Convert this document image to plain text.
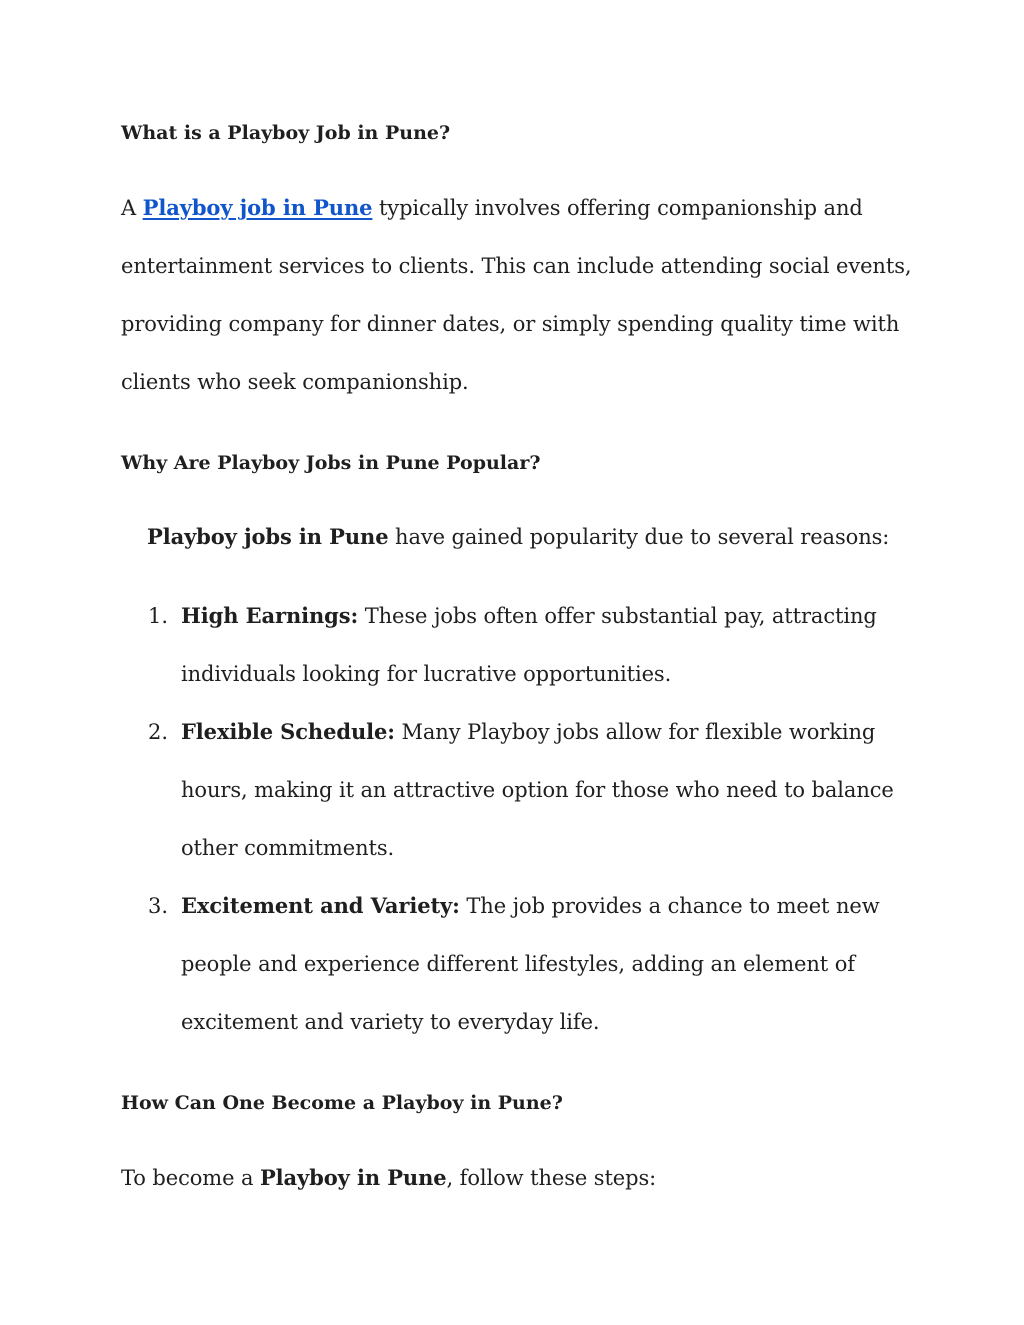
What is a Playboy Job in Pune?

A Playboy job in Pune typically involves offering companionship and

entertainment services to clients. This can include attending social events,

providing company for dinner dates, or simply spending quality time with

clients who seek companionship.

Why Are Playboy Jobs in Pune Popular?

Playboy jobs in Pune have gained popularity due to several reasons:

1. High Earnings: These jobs often offer substantial pay, attracting

individuals looking for lucrative opportunities.

2. Flexible Schedule: Many Playboy jobs allow for flexible working

hours, making it an attractive option for those who need to balance

other commitments.

3. Excitement and Variety: The job provides a chance to meet new

people and experience different lifestyles, adding an element of

excitement and variety to everyday life.

How Can One Become a Playboy in Pune?

To become a Playboy in Pune, follow these steps:
